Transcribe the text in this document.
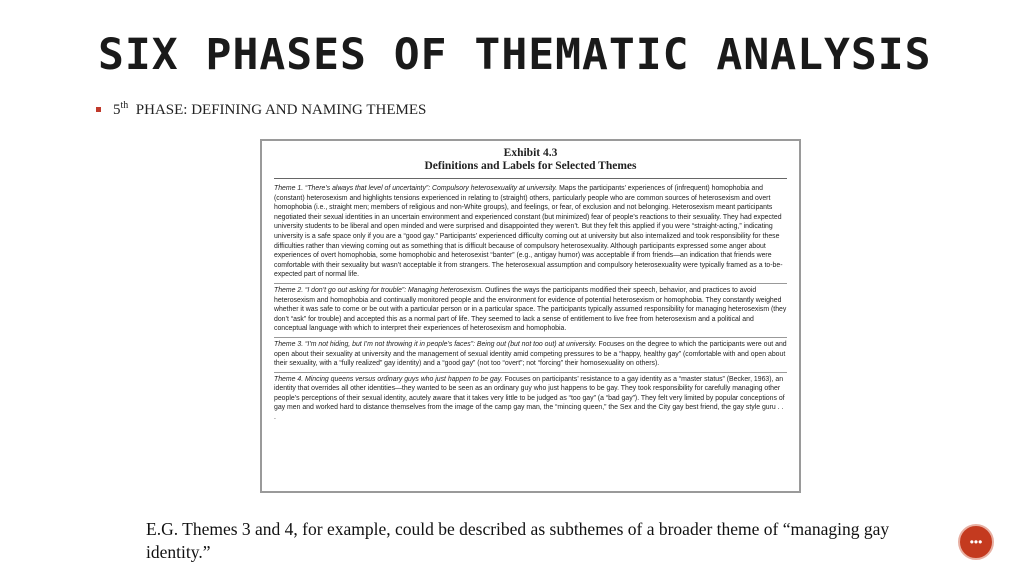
SIX PHASES OF THEMATIC ANALYSIS
5th PHASE: DEFINING AND NAMING THEMES
Exhibit 4.3
Definitions and Labels for Selected Themes

Theme 1. “There’s always that level of uncertainty”: Compulsory heterosexuality at university. Maps the participants’ experiences of (infrequent) homophobia and (constant) heterosexism and highlights tensions experienced in relating to (straight) others, particularly people who are common sources of heterosexism and overt homophobia (i.e., straight men; members of religious and non-White groups), and feelings, or fear, of exclusion and not belonging. Heterosexism meant participants negotiated their sexual identities in an uncertain environment and experienced constant (but minimized) fear of people’s reactions to their sexuality. They had expected university students to be liberal and open minded and were surprised and disappointed they weren’t. But they felt this applied if you were “straight-acting,” indicating university is a safe space only if you are a “good gay.” Participants’ experienced difficulty coming out at university but also internalized and took responsibility for these difficulties rather than viewing coming out as something that is difficult because of compulsory heterosexuality. Although participants expressed some anger about experiences of overt homophobia, some homophobic and heterosexist “banter” (e.g., antigay humor) was acceptable if from friends—an indication that friends were comfortable with their sexuality but wasn’t acceptable it from strangers. The heterosexual assumption and compulsory heterosexuality were typically framed as a to-be-expected part of normal life.

Theme 2. “I don’t go out asking for trouble”: Managing heterosexism. Outlines the ways the participants modified their speech, behavior, and practices to avoid heterosexism and homophobia and continually monitored people and the environment for evidence of potential heterosexism or homophobia. They constantly weighed whether it was safe to come or be out with a particular person or in a particular space. The participants typically assumed responsibility for managing heterosexism (they don’t “ask” for trouble) and accepted this as a normal part of life. They seemed to lack a sense of entitlement to live free from heterosexism and a political and conceptual language with which to interpret their experiences of heterosexism and homophobia.

Theme 3. “I’m not hiding, but I’m not throwing it in people’s faces”: Being out (but not too out) at university. Focuses on the degree to which the participants were out and open about their sexuality at university and the management of sexual identity amid competing pressures to be a “happy, healthy gay” (comfortable with and open about their sexuality, with a “fully realized” gay identity) and a “good gay” (not too “overt”; not “forcing” their homosexuality on others).

Theme 4. Mincing queens versus ordinary guys who just happen to be gay. Focuses on participants’ resistance to a gay identity as a “master status” (Becker, 1963), an identity that overrides all other identities—they wanted to be seen as an ordinary guy who just happens to be gay. They took responsibility for carefully managing other people’s perceptions of their sexual identity, acutely aware that it takes very little to be judged as “too gay” (a “bad gay”). They felt very limited by popular conceptions of gay men and worked hard to distance themselves from the image of the camp gay man, the “mincing queen,” the Sex and the City gay best friend, the gay style guru . . .

E.G. Themes 3 and 4, for example, could be described as subthemes of a broader theme of “managing gay identity.”	•••
